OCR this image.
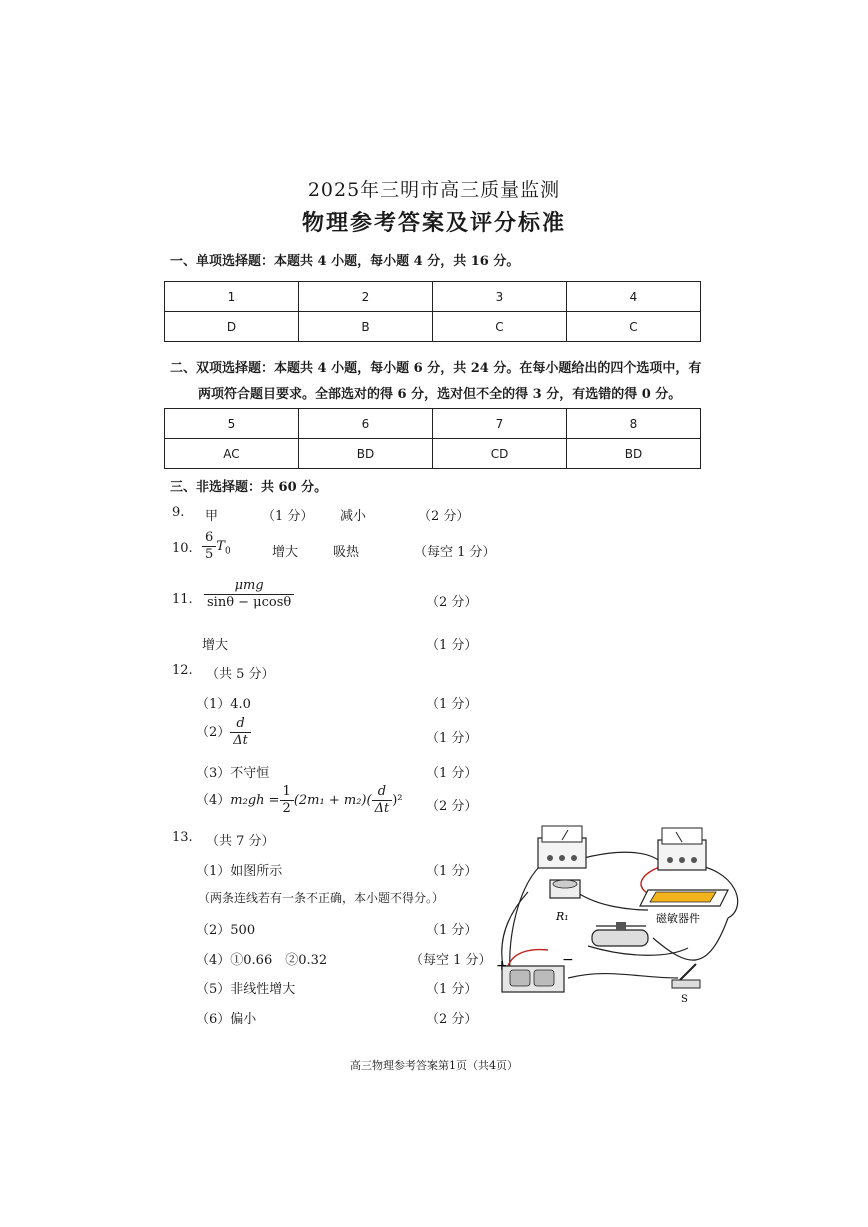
2025年三明市高三质量监测
物理参考答案及评分标准
一、单项选择题：本题共 4 小题，每小题 4 分，共 16 分。
1	2	3	4
D	B	C	C
二、双项选择题：本题共 4 小题，每小题 6 分，共 24 分。在每小题给出的四个选项中，有
两项符合题目要求。全部选对的得 6 分，选对但不全的得 3 分，有选错的得 0 分。
5	6	7	8
AC	BD	CD	BD
三、非选择题：共 60 分。
9. 甲	（1 分） 减小	（2 分）
10. $\frac{6}{5} T_0$	增大	吸热	（每空 1 分）
11. $\frac{\text{μmg}}{\sin\theta - \mu\cos\theta}$	（2 分）
增大	（1 分）
12. （共 5 分）
（1）4.0	（1 分）
$(2) \frac{d}{\Delta t}$	（1 分）
（3）不守恒	（1 分）
$(4)m_2gh = \frac{1}{2} (2m_1 + m_2)( \frac{d}{\Delta t} )^2$ （2 分）
13. （共 7 分）
（1）如图所示	（1 分）
（两条连线若有一条不正确，本小题不得分。）
（2）500	（1 分）
（4）①0.66　②0.32	（每空 1 分）
（5）非线性增大	（1 分）
（6）偏小	（2 分）
R₁	磁敏器件
+	−
S
高三物理参考答案第1页（共4页）
